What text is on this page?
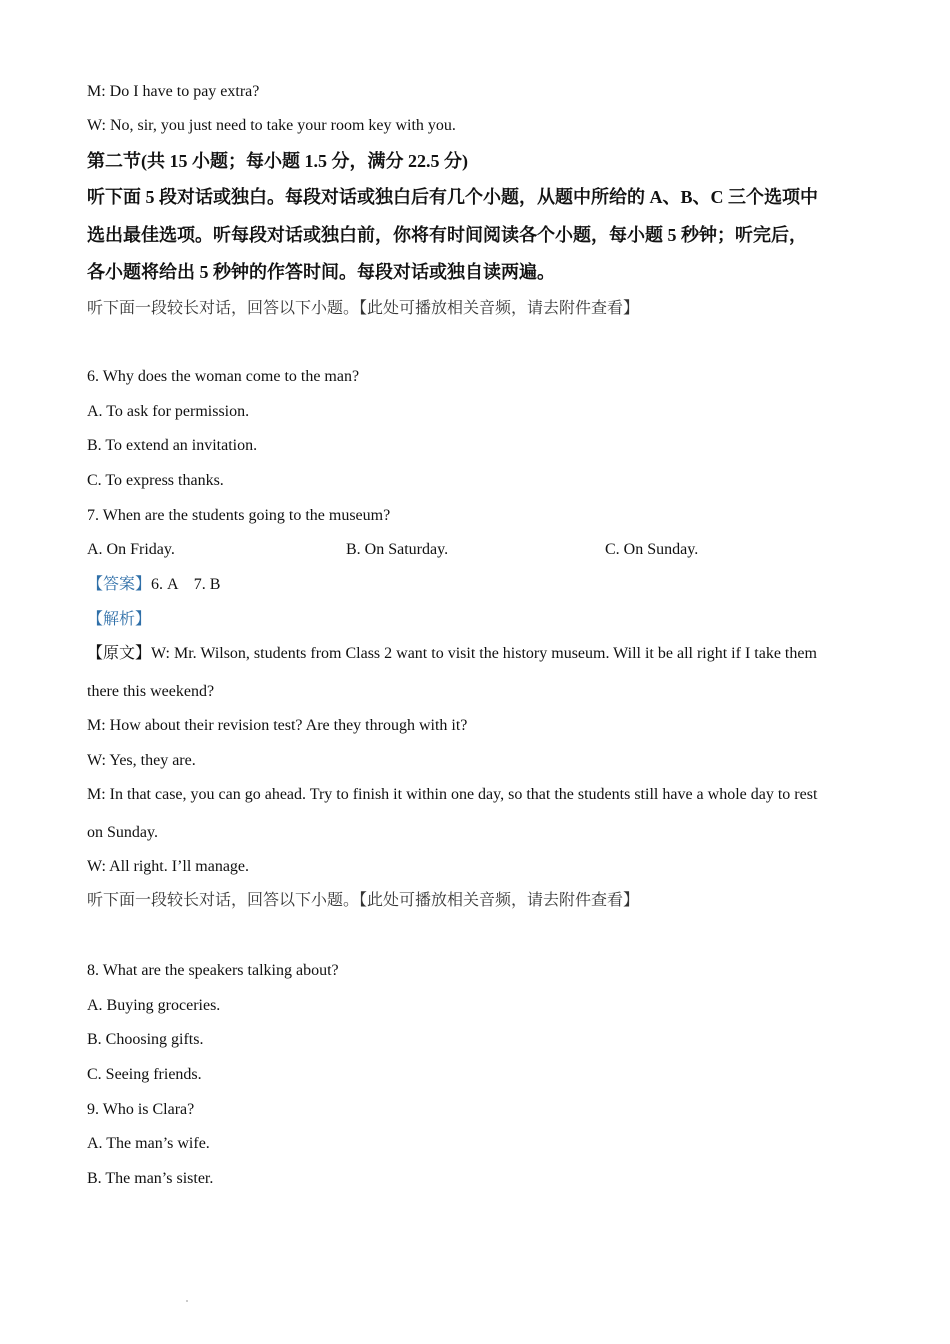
M: Do I have to pay extra?
W: No, sir, you just need to take your room key with you.
第二节(共 15 小题；每小题 1.5 分，满分 22.5 分)
听下面 5 段对话或独白。每段对话或独白后有几个小题，从题中所给的 A、B、C 三个选项中
选出最佳选项。听每段对话或独白前，你将有时间阅读各个小题，每小题 5 秒钟；听完后，
各小题将给出 5 秒钟的作答时间。每段对话或独自读两遍。
听下面一段较长对话，回答以下小题。【此处可播放相关音频，请去附件查看】
6. Why does the woman come to the man?
A. To ask for permission.
B. To extend an invitation.
C. To express thanks.
7. When are the students going to the museum?
A. On Friday.	B. On Saturday.	C. On Sunday.
【答案】6. A    7. B
【解析】
【原文】W: Mr. Wilson, students from Class 2 want to visit the history museum. Will it be all right if I take them
there this weekend?
M: How about their revision test? Are they through with it?
W: Yes, they are.
M: In that case, you can go ahead. Try to finish it within one day, so that the students still have a whole day to rest
on Sunday.
W: All right. I’ll manage.
听下面一段较长对话，回答以下小题。【此处可播放相关音频，请去附件查看】
8. What are the speakers talking about?
A. Buying groceries.
B. Choosing gifts.
C. Seeing friends.
9. Who is Clara?
A. The man’s wife.
B. The man’s sister.
